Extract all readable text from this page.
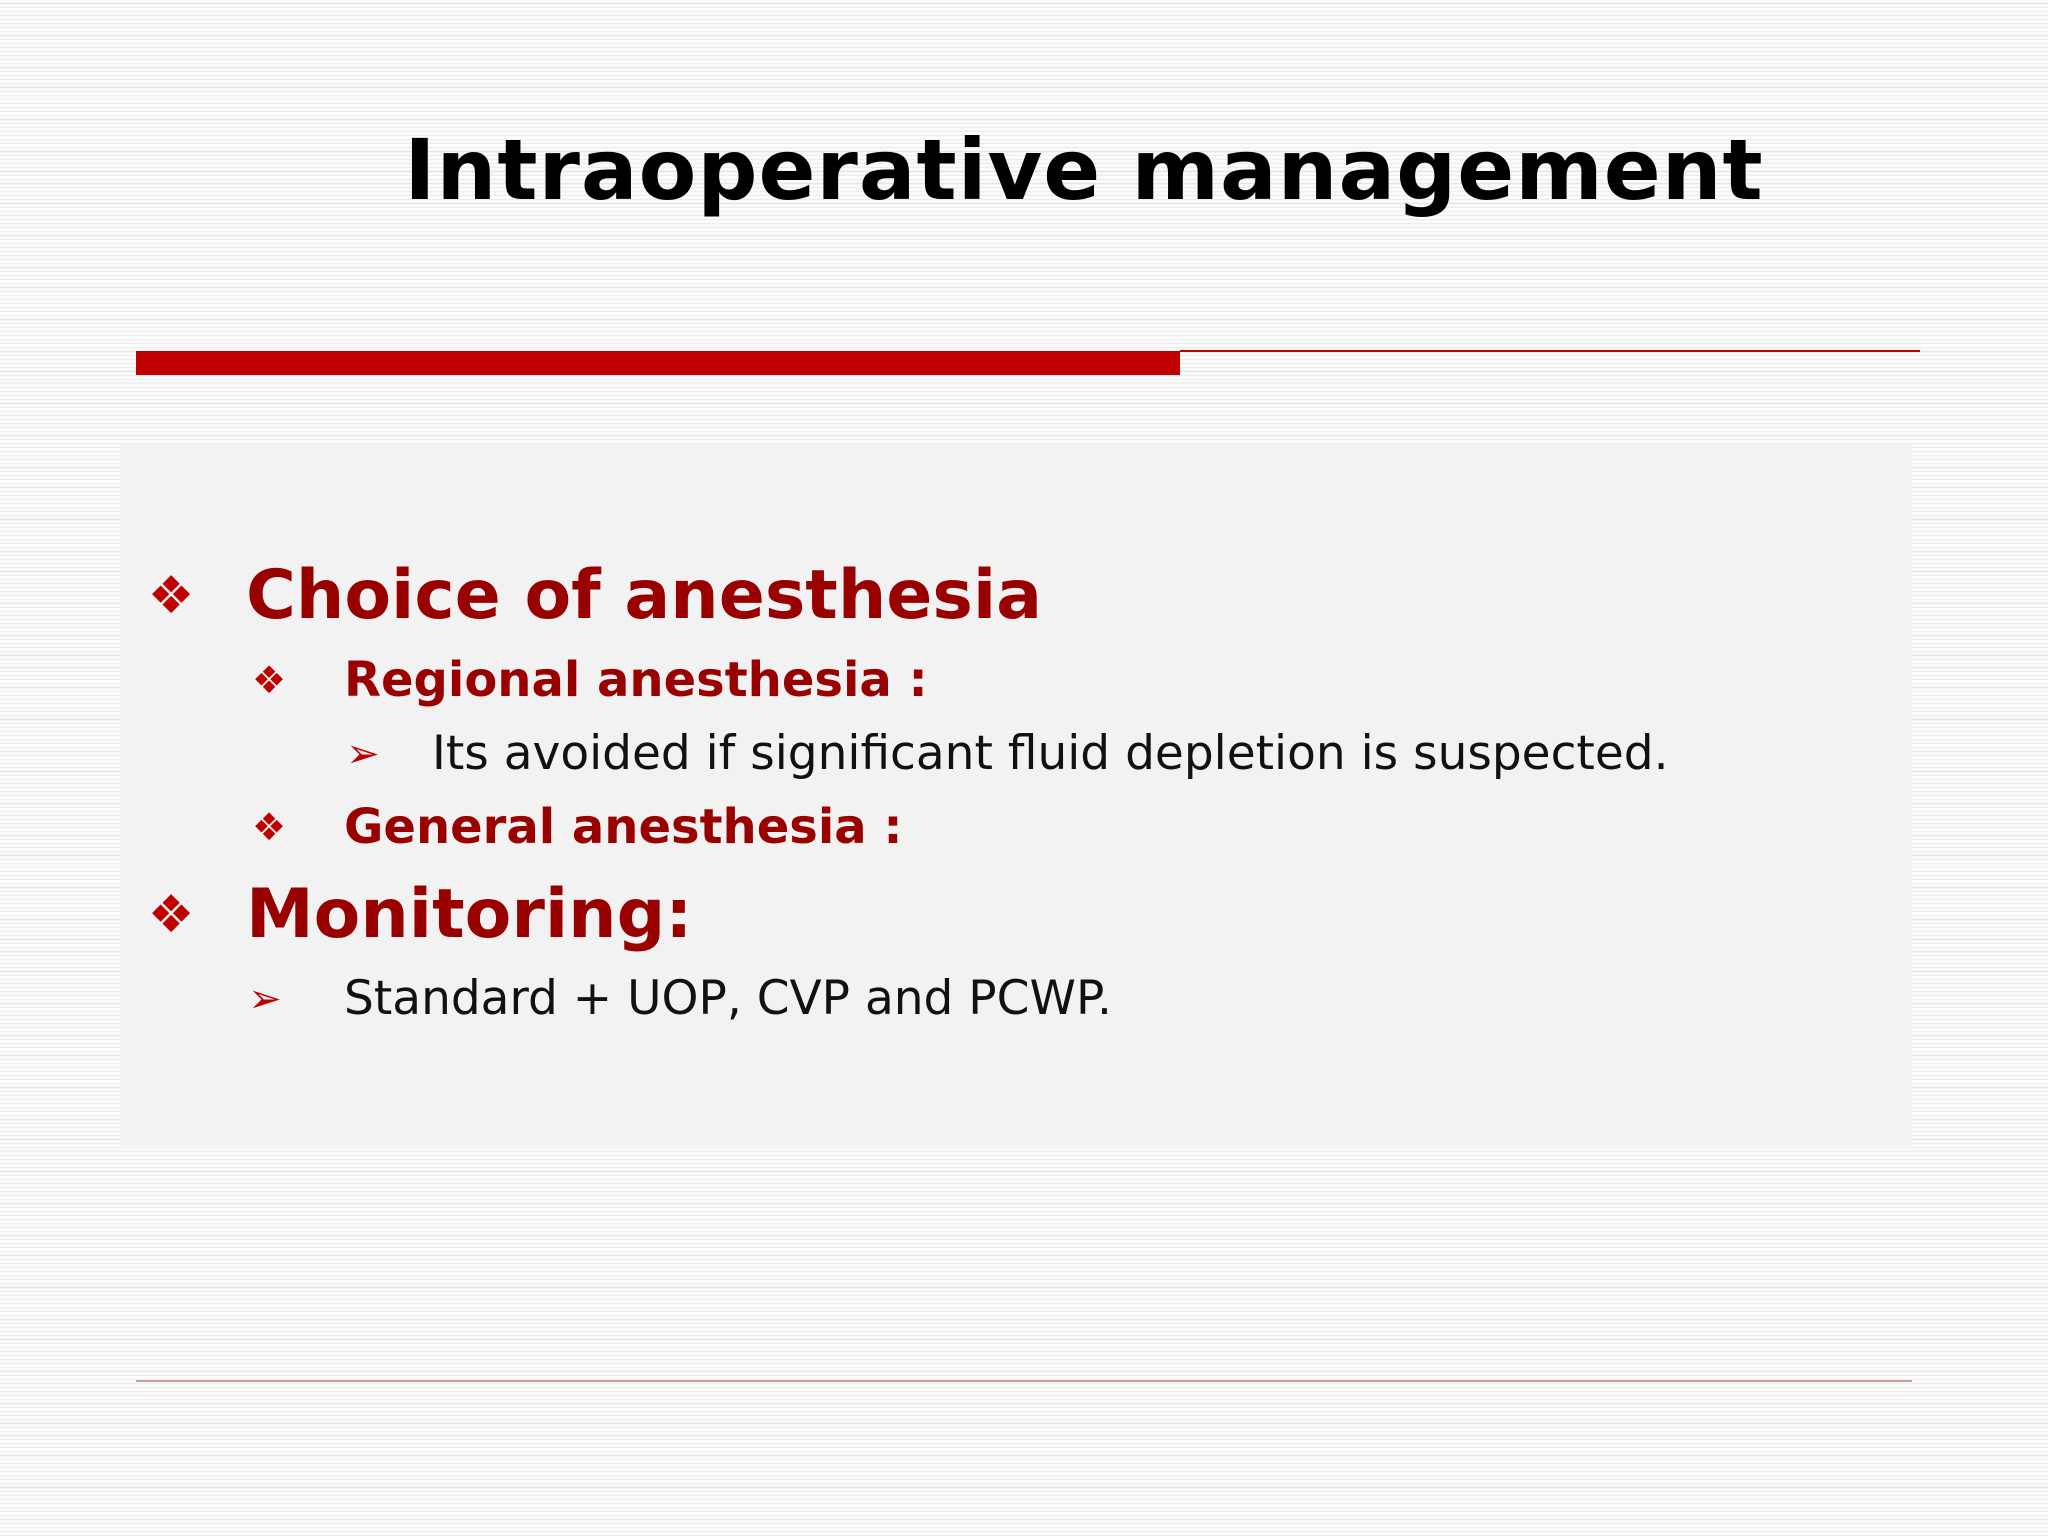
Intraoperative management
❖ Choice of anesthesia
❖ Regional anesthesia :
➢ Its avoided if significant fluid depletion is suspected.
❖ General anesthesia :
❖ Monitoring:
➢ Standard + UOP, CVP and PCWP.
